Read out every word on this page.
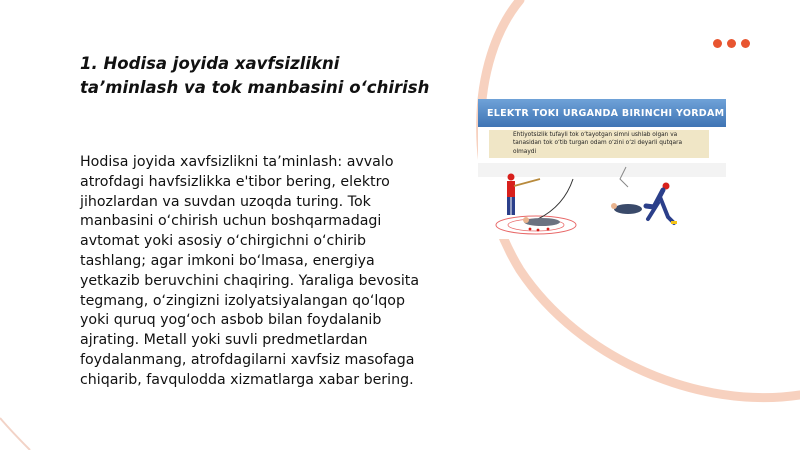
1. Hodisa joyida xavfsizlikni ta’minlash va tok manbasini o‘chirish

Hodisa joyida xavfsizlikni ta’minlash: avvalo atrofdagi havfsizlikka e'tibor bering, elektro jihozlardan va suvdan uzoqda turing. Tok manbasini o‘chirish uchun boshqarmadagi avtomat yoki asosiy o‘chirgichni o‘chirib tashlang; agar imkoni bo‘lmasa, energiya yetkazib beruvchini chaqiring. Yaraliga bevosita tegmang, o‘zingizni izolyatsiyalangan qo‘lqop yoki quruq yog‘och asbob bilan foydalanib ajrating. Metall yoki suvli predmetlardan foydalanmang, atrofdagilarni xavfsiz masofaga chiqarib, favqulodda xizmatlarga xabar bering.

ELEKTR TOKI URGANDA BIRINCHI YORDAM
Ehtiyotsizlik tufayli tok o‘tayotgan simni ushlab olgan va tanasidan tok o‘tib turgan odam o‘zini o‘zi deyarli qutqara olmaydi
